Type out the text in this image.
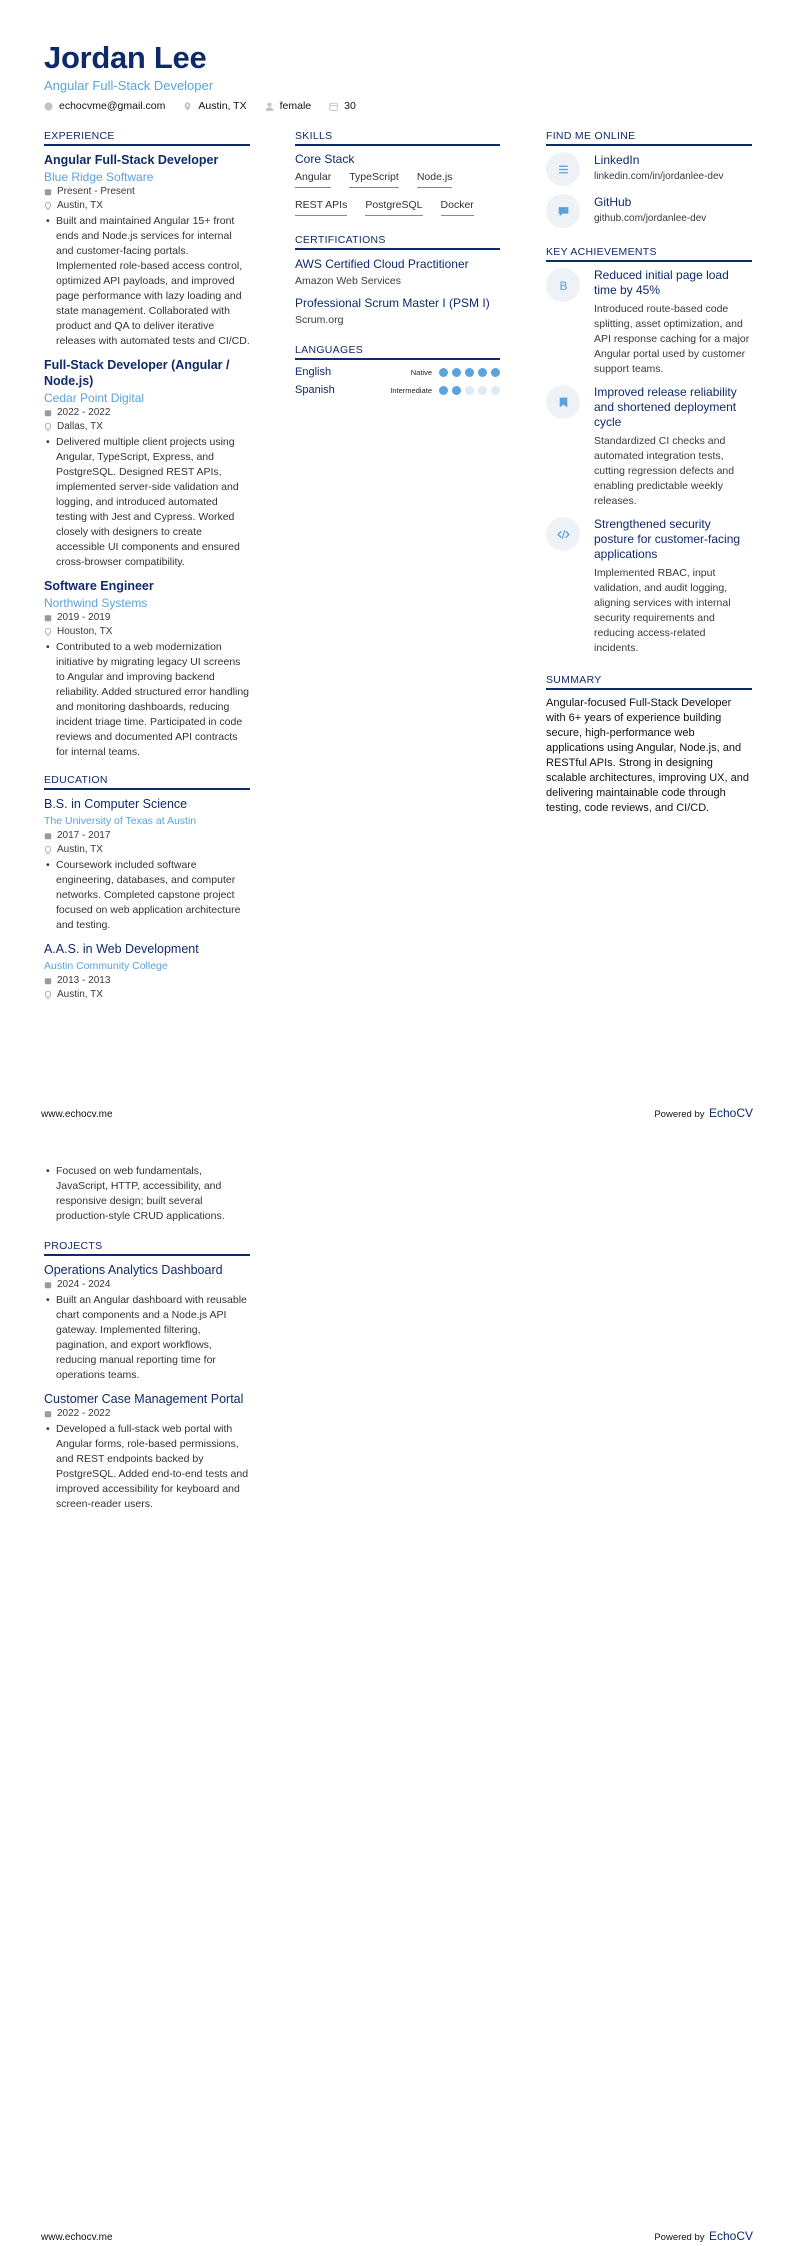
Jordan Lee
Angular Full-Stack Developer
echocvme@gmail.com	Austin, TX	female	30
EXPERIENCE
Angular Full-Stack Developer
Blue Ridge Software
Present - Present
Austin, TX
• Built and maintained Angular 15+ front ends and Node.js services for internal and customer-facing portals. Implemented role-based access control, optimized API payloads, and improved page performance with lazy loading and state management. Collaborated with product and QA to deliver iterative releases with automated tests and CI/CD.
Full-Stack Developer (Angular / Node.js)
Cedar Point Digital
2022 - 2022
Dallas, TX
• Delivered multiple client projects using Angular, TypeScript, Express, and PostgreSQL. Designed REST APIs, implemented server-side validation and logging, and introduced automated testing with Jest and Cypress. Worked closely with designers to create accessible UI components and ensured cross-browser compatibility.
Software Engineer
Northwind Systems
2019 - 2019
Houston, TX
• Contributed to a web modernization initiative by migrating legacy UI screens to Angular and improving backend reliability. Added structured error handling and monitoring dashboards, reducing incident triage time. Participated in code reviews and documented API contracts for internal teams.
EDUCATION
B.S. in Computer Science
The University of Texas at Austin
2017 - 2017
Austin, TX
• Coursework included software engineering, databases, and computer networks. Completed capstone project focused on web application architecture and testing.
A.A.S. in Web Development
Austin Community College
2013 - 2013
Austin, TX
SKILLS
Core Stack
Angular TypeScript Node.js
REST APIs PostgreSQL Docker
CERTIFICATIONS
AWS Certified Cloud Practitioner
Amazon Web Services
Professional Scrum Master I (PSM I)
Scrum.org
LANGUAGES
English	Native
Spanish	Intermediate
FIND ME ONLINE
LinkedIn
linkedin.com/in/jordanlee-dev
GitHub
github.com/jordanlee-dev
KEY ACHIEVEMENTS
B
Reduced initial page load time by 45%
Introduced route-based code splitting, asset optimization, and API response caching for a major Angular portal used by customer support teams.
Improved release reliability and shortened deployment cycle
Standardized CI checks and automated integration tests, cutting regression defects and enabling predictable weekly releases.
Strengthened security posture for customer-facing applications
Implemented RBAC, input validation, and audit logging, aligning services with internal security requirements and reducing access-related incidents.
SUMMARY
Angular-focused Full-Stack Developer with 6+ years of experience building secure, high-performance web applications using Angular, Node.js, and RESTful APIs. Strong in designing scalable architectures, improving UX, and delivering maintainable code through testing, code reviews, and CI/CD.
www.echocv.me	Powered by EchoCV
• Focused on web fundamentals, JavaScript, HTTP, accessibility, and responsive design; built several production-style CRUD applications.
PROJECTS
Operations Analytics Dashboard
2024 - 2024
• Built an Angular dashboard with reusable chart components and a Node.js API gateway. Implemented filtering, pagination, and export workflows, reducing manual reporting time for operations teams.
Customer Case Management Portal
2022 - 2022
• Developed a full-stack web portal with Angular forms, role-based permissions, and REST endpoints backed by PostgreSQL. Added end-to-end tests and improved accessibility for keyboard and screen-reader users.
www.echocv.me	Powered by EchoCV
